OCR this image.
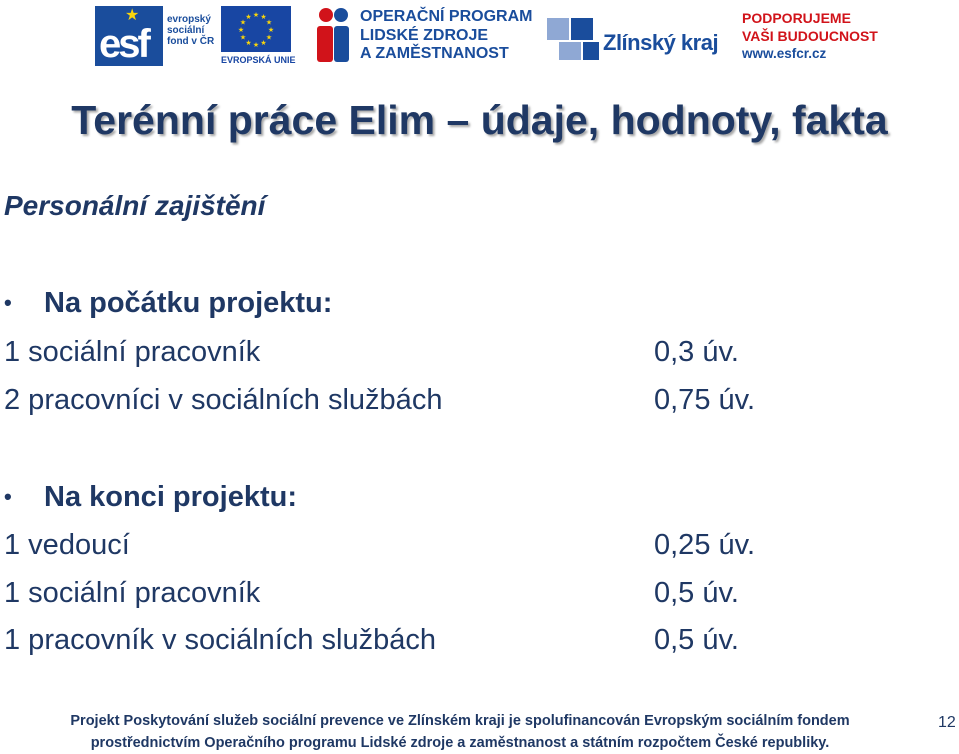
★
esf
evropský
sociální
fond v ČR
★
★
★
★
★
★
★
★
★ ★ ★
★
EVROPSKÁ UNIE
OPERAČNÍ PROGRAM
LIDSKÉ ZDROJE
A ZAMĚSTNANOST	Zlínský kraj
PODPORUJEME
VAŠI BUDOUCNOST
www.esfcr.cz
Terénní práce Elim – údaje, hodnoty, fakta
Personální zajištění
• Na počátku projektu:
1 sociální pracovník	0,3 úv.
2 pracovníci v sociálních službách	0,75 úv.
• Na konci projektu:
1 vedoucí	0,25 úv.
1 sociální pracovník	0,5 úv.
1 pracovník v sociálních službách	0,5 úv.
Projekt Poskytování služeb sociální prevence ve Zlínském kraji je spolufinancován Evropským sociálním fondem
prostřednictvím Operačního programu Lidské zdroje a zaměstnanost a státním rozpočtem České republiky.
12
